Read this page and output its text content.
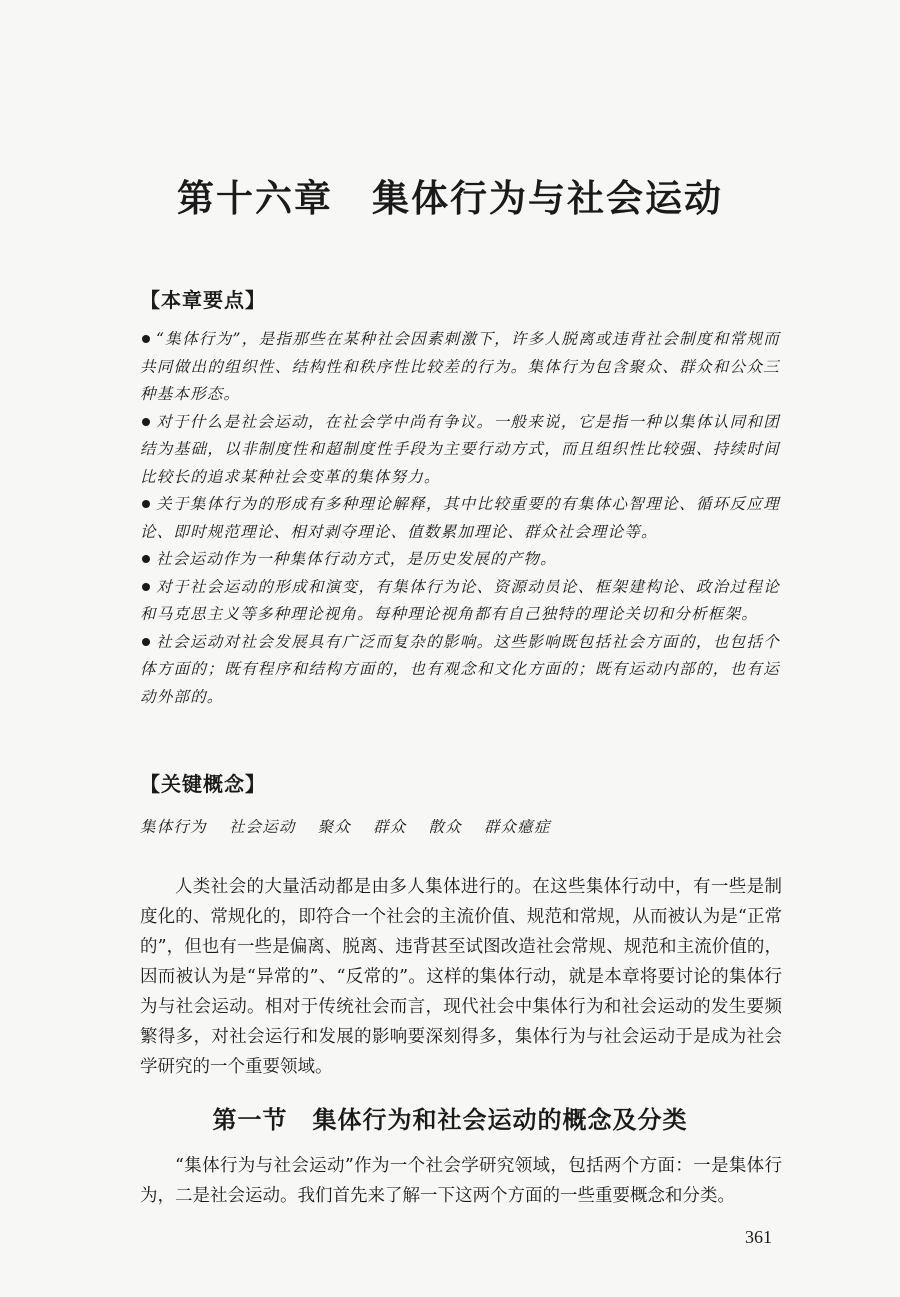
第十六章　集体行为与社会运动
【本章要点】
“集体行为”，是指那些在某种社会因素刺激下，许多人脱离或违背社会制度和常规而共同做出的组织性、结构性和秩序性比较差的行为。集体行为包含聚众、群众和公众三种基本形态。
对于什么是社会运动，在社会学中尚有争议。一般来说，它是指一种以集体认同和团结为基础，以非制度性和超制度性手段为主要行动方式，而且组织性比较强、持续时间比较长的追求某种社会变革的集体努力。
关于集体行为的形成有多种理论解释，其中比较重要的有集体心智理论、循环反应理论、即时规范理论、相对剥夺理论、值数累加理论、群众社会理论等。
社会运动作为一种集体行动方式，是历史发展的产物。
对于社会运动的形成和演变，有集体行为论、资源动员论、框架建构论、政治过程论和马克思主义等多种理论视角。每种理论视角都有自己独特的理论关切和分析框架。
社会运动对社会发展具有广泛而复杂的影响。这些影响既包括社会方面的，也包括个体方面的；既有程序和结构方面的，也有观念和文化方面的；既有运动内部的，也有运动外部的。
【关键概念】
集体行为 社会运动 聚众 群众 散众 群众癔症

人类社会的大量活动都是由多人集体进行的。在这些集体行动中，有一些是制度化的、常规化的，即符合一个社会的主流价值、规范和常规，从而被认为是“正常的”，但也有一些是偏离、脱离、违背甚至试图改造社会常规、规范和主流价值的，因而被认为是“异常的”、“反常的”。这样的集体行动，就是本章将要讨论的集体行为与社会运动。相对于传统社会而言，现代社会中集体行为和社会运动的发生要频繁得多，对社会运行和发展的影响要深刻得多，集体行为与社会运动于是成为社会学研究的一个重要领域。

第一节　集体行为和社会运动的概念及分类

“集体行为与社会运动”作为一个社会学研究领域，包括两个方面：一是集体行为，二是社会运动。我们首先来了解一下这两个方面的一些重要概念和分类。

361
